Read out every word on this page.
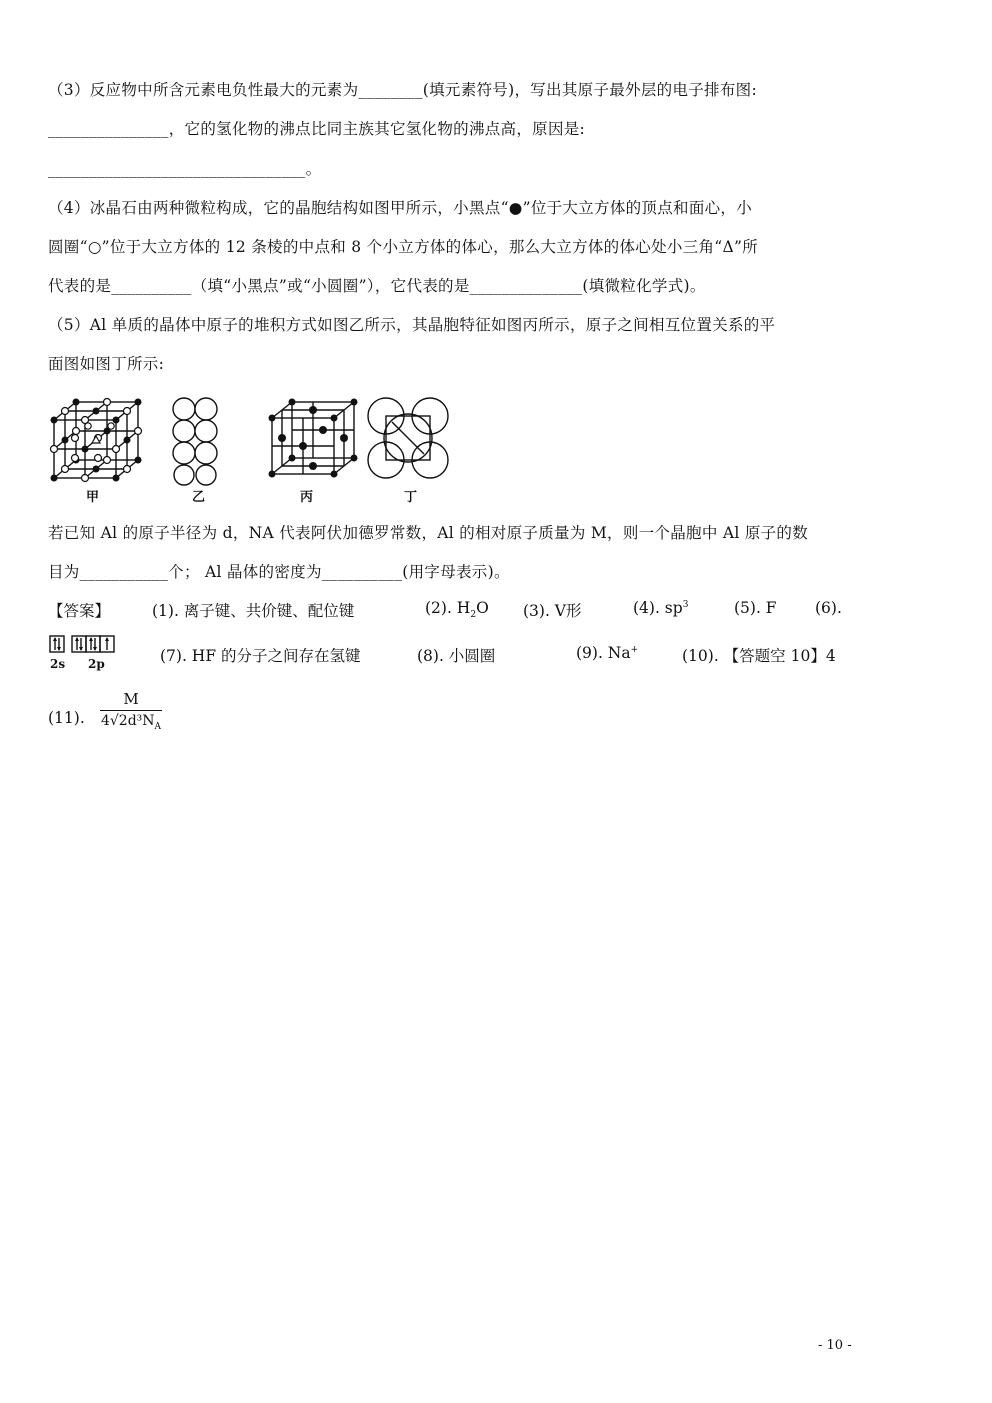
（3）反应物中所含元素电负性最大的元素为________(填元素符号)，写出其原子最外层的电子排布图:
_______________，它的氢化物的沸点比同主族其它氢化物的沸点高，原因是:
________________________________。
（4）冰晶石由两种微粒构成，它的晶胞结构如图甲所示，小黑点“●”位于大立方体的顶点和面心，小
圆圈“○”位于大立方体的 12 条棱的中点和 8 个小立方体的体心，那么大立方体的体心处小三角“Δ”所
代表的是__________（填“小黑点”或“小圆圈”），它代表的是______________(填微粒化学式)。
（5）Al 单质的晶体中原子的堆积方式如图乙所示，其晶胞特征如图丙所示，原子之间相互位置关系的平
面图如图丁所示:
甲	乙	丙	丁
若已知 Al 的原子半径为 d，NA 代表阿伏加德罗常数，Al 的相对原子质量为 M，则一个晶胞中 Al 原子的数
目为___________个； Al 晶体的密度为__________(用字母表示)。
【答案】	(1). 离子键、共价键、配位键	(2). $H_2O$ (3). V形	(4). $sp^3$	(5). F (6).
2s 2p	(7). HF 的分子之间存在氢键	(8). 小圆圈	(9). Na+	(10). 【答题空 10】4
(11).
M
$4√2d^3N_A$
- 10 -
